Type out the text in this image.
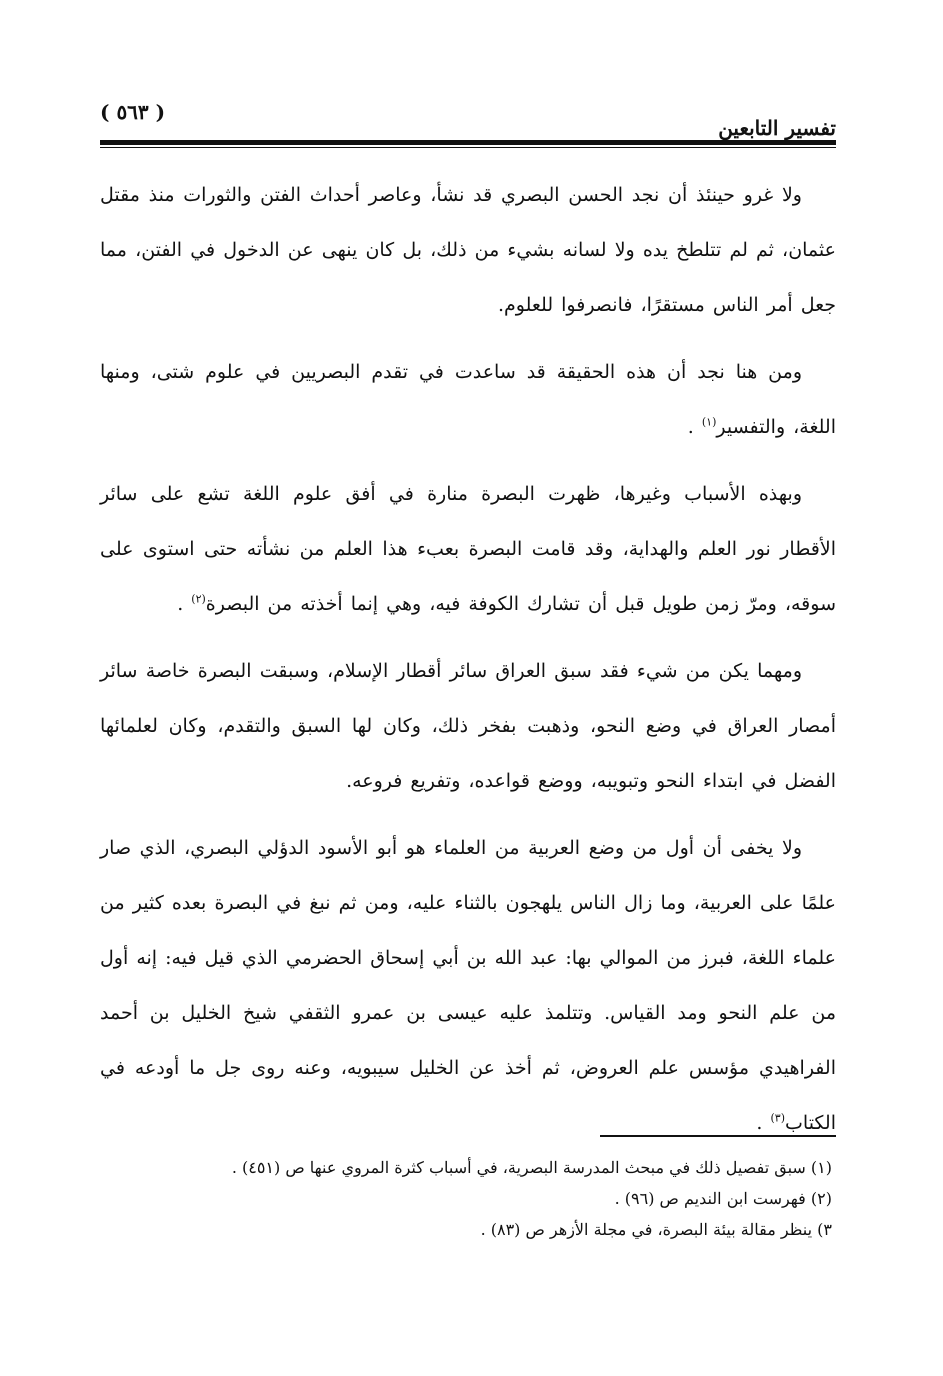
تفسير التابعين
( ٥٦٣ )

ولا غرو حينئذ أن نجد الحسن البصري قد نشأ، وعاصر أحداث الفتن والثورات منذ مقتل عثمان، ثم لم تتلطخ يده ولا لسانه بشيء من ذلك، بل كان ينهى عن الدخول في الفتن، مما جعل أمر الناس مستقرًا، فانصرفوا للعلوم.

ومن هنا نجد أن هذه الحقيقة قد ساعدت في تقدم البصريين في علوم شتى، ومنها اللغة، والتفسير$^{(١)}$ .

وبهذه الأسباب وغيرها، ظهرت البصرة منارة في أفق علوم اللغة تشع على سائر الأقطار نور العلم والهداية، وقد قامت البصرة بعبء هذا العلم من نشأته حتى استوى على سوقه، ومرّ زمن طويل قبل أن تشارك الكوفة فيه، وهي إنما أخذته من البصرة$^{(٢)}$ .

ومهما يكن من شيء فقد سبق العراق سائر أقطار الإسلام، وسبقت البصرة خاصة سائر أمصار العراق في وضع النحو، وذهبت بفخر ذلك، وكان لها السبق والتقدم، وكان لعلمائها الفضل في ابتداء النحو وتبويبه، ووضع قواعده، وتفريع فروعه.

ولا يخفى أن أول من وضع العربية من العلماء هو أبو الأسود الدؤلي البصري، الذي صار علمًا على العربية، وما زال الناس يلهجون بالثناء عليه، ومن ثم نبغ في البصرة بعده كثير من علماء اللغة، فبرز من الموالي بها: عبد الله بن أبي إسحاق الحضرمي الذي قيل فيه: إنه أول من علم النحو ومد القياس. وتتلمذ عليه عيسى بن عمرو الثقفي شيخ الخليل بن أحمد الفراهيدي مؤسس علم العروض، ثم أخذ عن الخليل سيبويه، وعنه روى جل ما أودعه في الكتاب$^{(٣)}$ .

(١) سبق تفصيل ذلك في مبحث المدرسة البصرية، في أسباب كثرة المروي عنها ص (٤٥١) .
(٢) فهرست ابن النديم ص (٩٦) .
٣) ينظر مقالة بيئة البصرة، في مجلة الأزهر ص (٨٣) .
